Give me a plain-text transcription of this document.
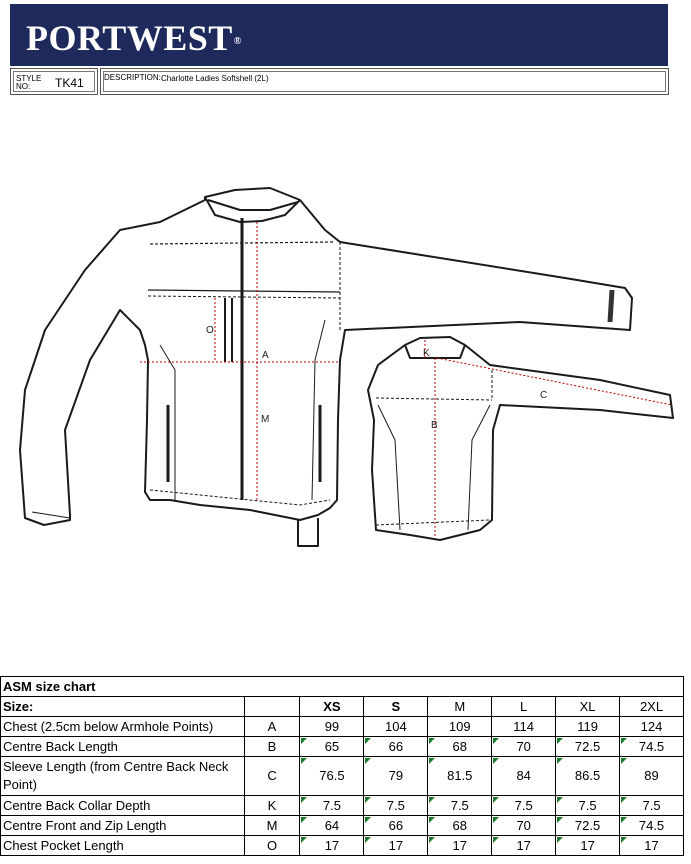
PORTWEST®
STYLE
NO:	TK41	DESCRIPTION: Charlotte Ladies Softshell (2L)
O
A
M
K
B
C
ASM size chart							
Size:		XS	S	M	L	XL	2XL
Chest (2.5cm below Armhole Points)	A	99	104	109	114	119	124
Centre Back Length	B	65	66	68	70	72.5	74.5
Sleeve Length (from Centre Back Neck Point)	C	76.5	79	81.5	84	86.5	89
Centre Back Collar Depth	K	7.5	7.5	7.5	7.5	7.5	7.5
Centre Front and Zip Length	M	64	66	68	70	72.5	74.5
Chest Pocket Length	O	17	17	17	17	17	17
